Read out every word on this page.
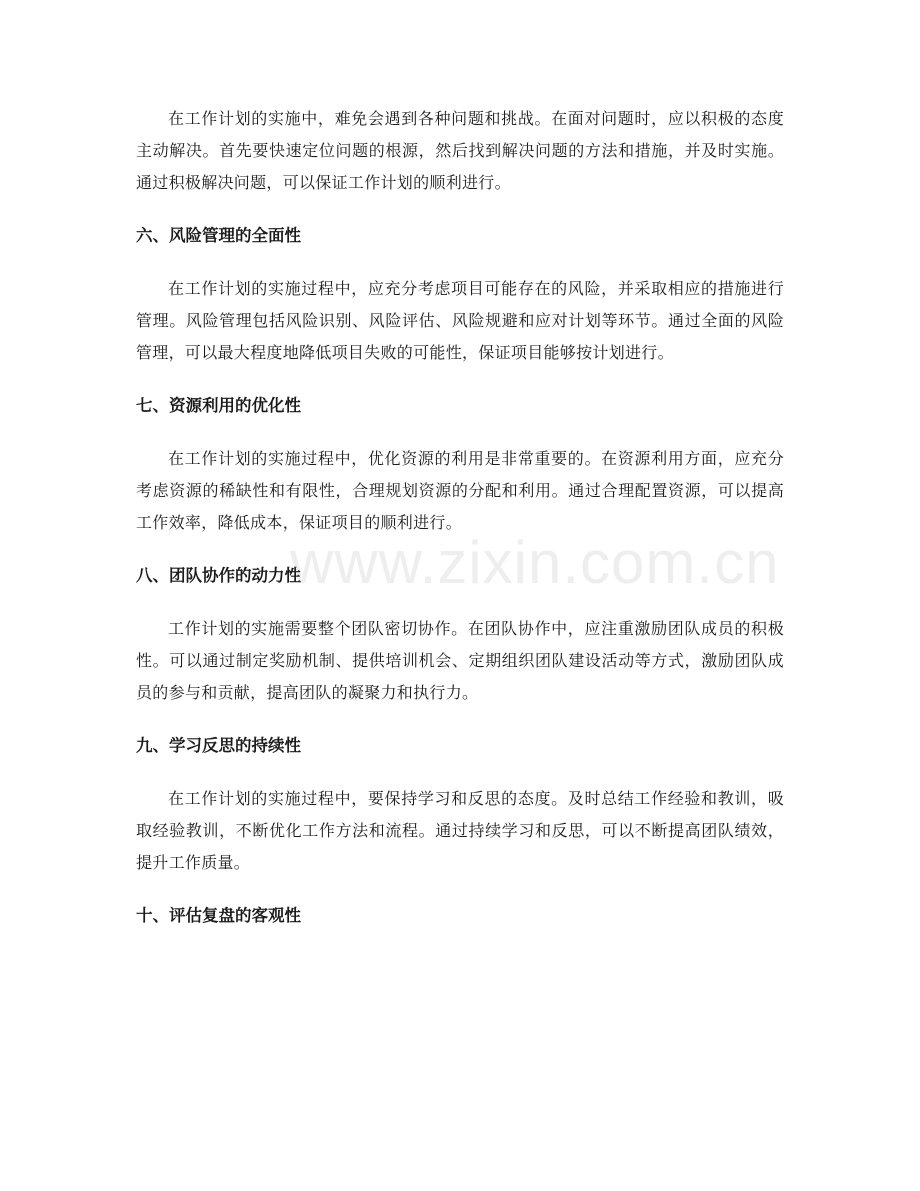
在工作计划的实施中，难免会遇到各种问题和挑战。在面对问题时，应以积极的态度主动解决。首先要快速定位问题的根源，然后找到解决问题的方法和措施，并及时实施。通过积极解决问题，可以保证工作计划的顺利进行。

六、风险管理的全面性

在工作计划的实施过程中，应充分考虑项目可能存在的风险，并采取相应的措施进行管理。风险管理包括风险识别、风险评估、风险规避和应对计划等环节。通过全面的风险管理，可以最大程度地降低项目失败的可能性，保证项目能够按计划进行。

七、资源利用的优化性

在工作计划的实施过程中，优化资源的利用是非常重要的。在资源利用方面，应充分考虑资源的稀缺性和有限性，合理规划资源的分配和利用。通过合理配置资源，可以提高工作效率，降低成本，保证项目的顺利进行。

八、团队协作的动力性

工作计划的实施需要整个团队密切协作。在团队协作中，应注重激励团队成员的积极性。可以通过制定奖励机制、提供培训机会、定期组织团队建设活动等方式，激励团队成员的参与和贡献，提高团队的凝聚力和执行力。

九、学习反思的持续性

在工作计划的实施过程中，要保持学习和反思的态度。及时总结工作经验和教训，吸取经验教训，不断优化工作方法和流程。通过持续学习和反思，可以不断提高团队绩效，提升工作质量。

十、评估复盘的客观性
www.zixin.com.cn
